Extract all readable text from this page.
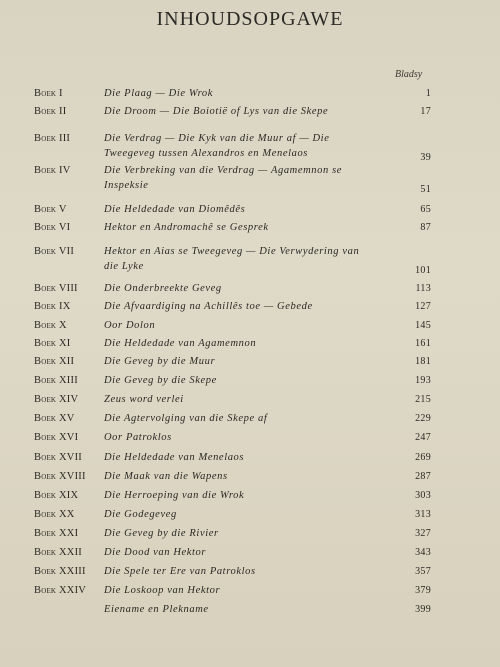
INHOUDSOPGAWE
Bladsy
Boek I	Die Plaag — Die Wrok	1
Boek II	Die Droom — Die Boiotië of Lys van die Skepe	17
Boek III	Die Verdrag — Die Kyk van die Muur af — Die
Tweegeveg tussen Alexandros en Menelaos	39
Boek IV	Die Verbreking van die Verdrag — Agamemnon se
Inspeksie	51
Boek V	Die Heldedade van Diomêdês	65
Boek VI	Hektor en Andromachê se Gesprek	87
Boek VII	Hektor en Aias se Tweegeveg — Die Verwydering van
die Lyke	101
Boek VIII	Die Onderbreekte Geveg	113
Boek IX	Die Afvaardiging na Achillês toe — Gebede	127
Boek X	Oor Dolon	145
Boek XI	Die Heldedade van Agamemnon	161
Boek XII	Die Geveg by die Muur	181
Boek XIII Die Geveg by die Skepe	193
Boek XIV Zeus word verlei	215
Boek XV	Die Agtervolging van die Skepe af	229
Boek XVI Oor Patroklos	247
Boek XVII Die Heldedade van Menelaos	269
Boek XVIII Die Maak van die Wapens	287
Boek XIX Die Herroeping van die Wrok	303
Boek XX	Die Godegeveg	313
Boek XXI Die Geveg by die Rivier	327
Boek XXII Die Dood van Hektor	343
Boek XXIII Die Spele ter Ere van Patroklos	357
Boek XXIV Die Loskoop van Hektor	379
Eiename en Plekname	399
